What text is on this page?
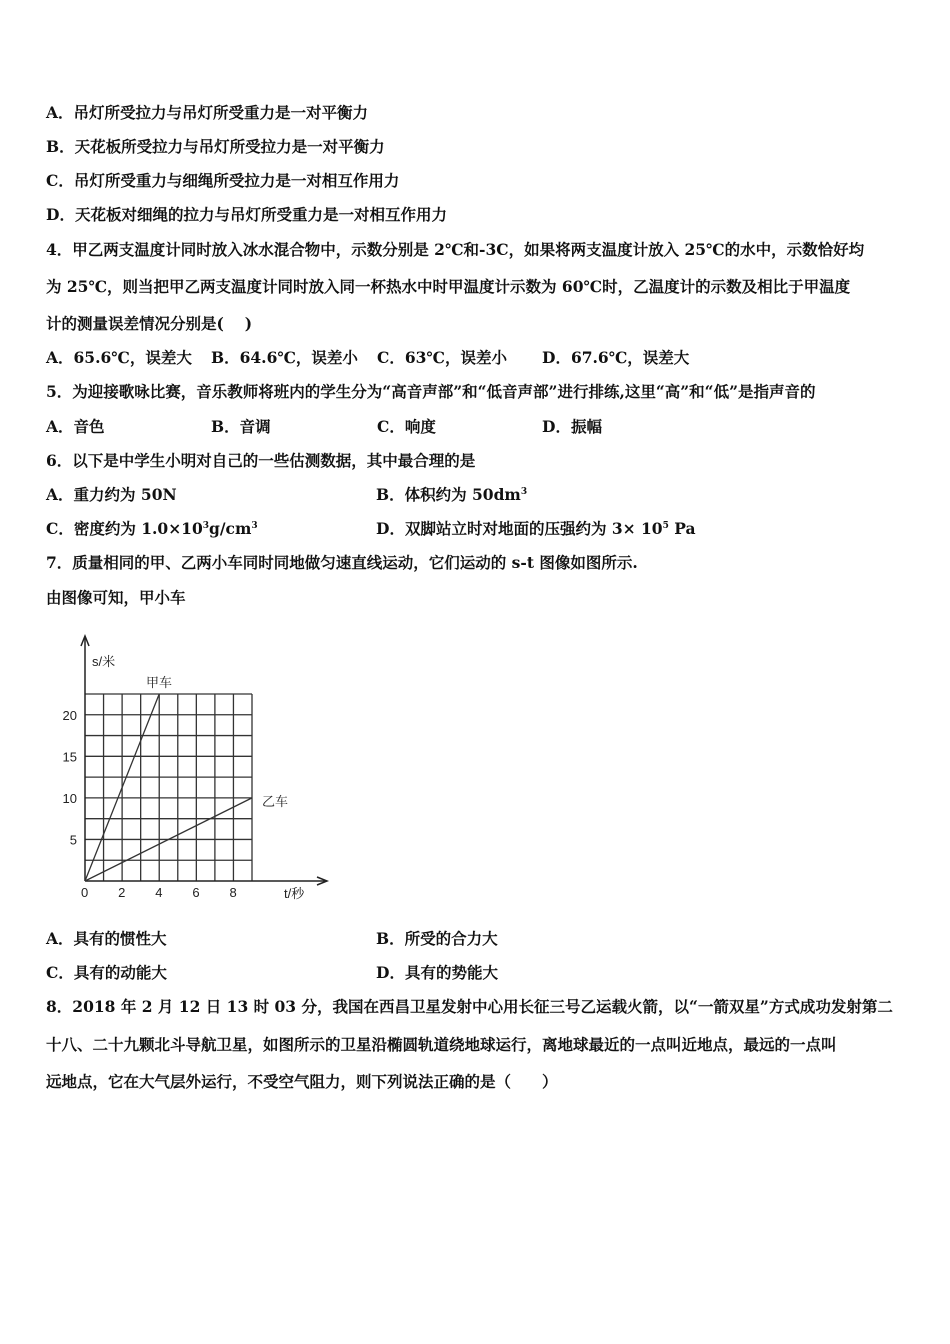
A．吊灯所受拉力与吊灯所受重力是一对平衡力
B．天花板所受拉力与吊灯所受拉力是一对平衡力
C．吊灯所受重力与细绳所受拉力是一对相互作用力
D．天花板对细绳的拉力与吊灯所受重力是一对相互作用力
4．甲乙两支温度计同时放入冰水混合物中，示数分别是 2℃和-3C，如果将两支温度计放入 25℃的水中，示数恰好均
为 25℃，则当把甲乙两支温度计同时放入同一杯热水中时甲温度计示数为 60℃时，乙温度计的示数及相比于甲温度
计的测量误差情况分别是(　 )
A．65.6℃，误差大 B．64.6℃，误差小 C．63℃，误差小 D．67.6℃，误差大
5．为迎接歌咏比赛，音乐教师将班内的学生分为“高音声部”和“低音声部”进行排练,这里“高”和“低”是指声音的
A．音色	B．音调	C．响度	D．振幅
6．以下是中学生小明对自己的一些估测数据，其中最合理的是
A．重力约为 50N	B．体积约为 $50dm^3$
C．密度约为 $1.0\times 10^3g/cm^3$	D．双脚站立时对地面的压强约为 $3\times 10^5$ Pa
7．质量相同的甲、乙两小车同时同地做匀速直线运动，它们运动的 s-t 图像如图所示.
由图像可知，甲小车
0 2 4 6 8
5
10
15
20
s/米
t/秒
甲车
乙车
A．具有的惯性大	B．所受的合力大
C．具有的动能大	D．具有的势能大
8．2018 年 2 月 12 日 13 时 03 分，我国在西昌卫星发射中心用长征三号乙运载火箭，以“一箭双星”方式成功发射第二
十八、二十九颗北斗导航卫星，如图所示的卫星沿椭圆轨道绕地球运行，离地球最近的一点叫近地点，最远的一点叫
远地点，它在大气层外运行，不受空气阻力，则下列说法正确的是（　　）
